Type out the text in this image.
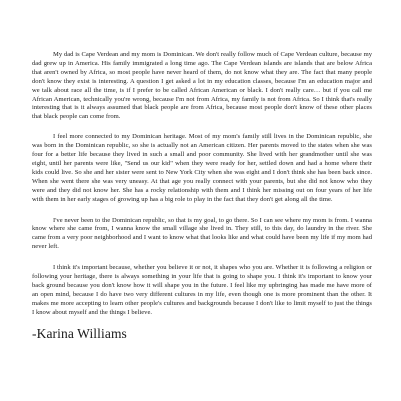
My dad is Cape Verdean and my mom is Dominican. We don't really follow much of Cape Verdean culture, because my dad grew up in America. His family immigrated a long time ago. The Cape Verdean islands are islands that are below Africa that aren't owned by Africa, so most people have never heard of them, do not know what they are. The fact that many people don't know they exist is interesting. A question I get asked a lot in my education classes, because I'm an education major and we talk about race all the time, is if I prefer to be called African American or black. I don't really care… but if you call me African American, technically you're wrong, because I'm not from Africa, my family is not from Africa. So I think that's really interesting that is it always assumed that black people are from Africa, because most people don't know of these other places that black people can come from.

I feel more connected to my Dominican heritage. Most of my mom's family still lives in the Dominican republic, she was born in the Dominican republic, so she is actually not an American citizen. Her parents moved to the states when she was four for a better life because they lived in such a small and poor community. She lived with her grandmother until she was eight, until her parents were like, "Send us our kid" when they were ready for her, settled down and had a home where their kids could live. So she and her sister were sent to New York City when she was eight and I don't think she has been back since. When she went there she was very uneasy. At that age you really connect with your parents, but she did not know who they were and they did not know her. She has a rocky relationship with them and I think her missing out on four years of her life with them in her early stages of growing up has a big role to play in the fact that they don't get along all the time.

I've never been to the Dominican republic, so that is my goal, to go there. So I can see where my mom is from. I wanna know where she came from, I wanna know the small village she lived in. They still, to this day, do laundry in the river. She came from a very poor neighborhood and I want to know what that looks like and what could have been my life if my mom had never left.

I think it's important because, whether you believe it or not, it shapes who you are. Whether it is following a religion or following your heritage, there is always something in your life that is going to shape you. I think it's important to know your back ground because you don't know how it will shape you in the future. I feel like my upbringing has made me have more of an open mind, because I do have two very different cultures in my life, even though one is more prominent than the other. It makes me more accepting to learn other people's cultures and backgrounds because I don't like to limit myself to just the things I know about myself and the things I believe.

-Karina Williams
